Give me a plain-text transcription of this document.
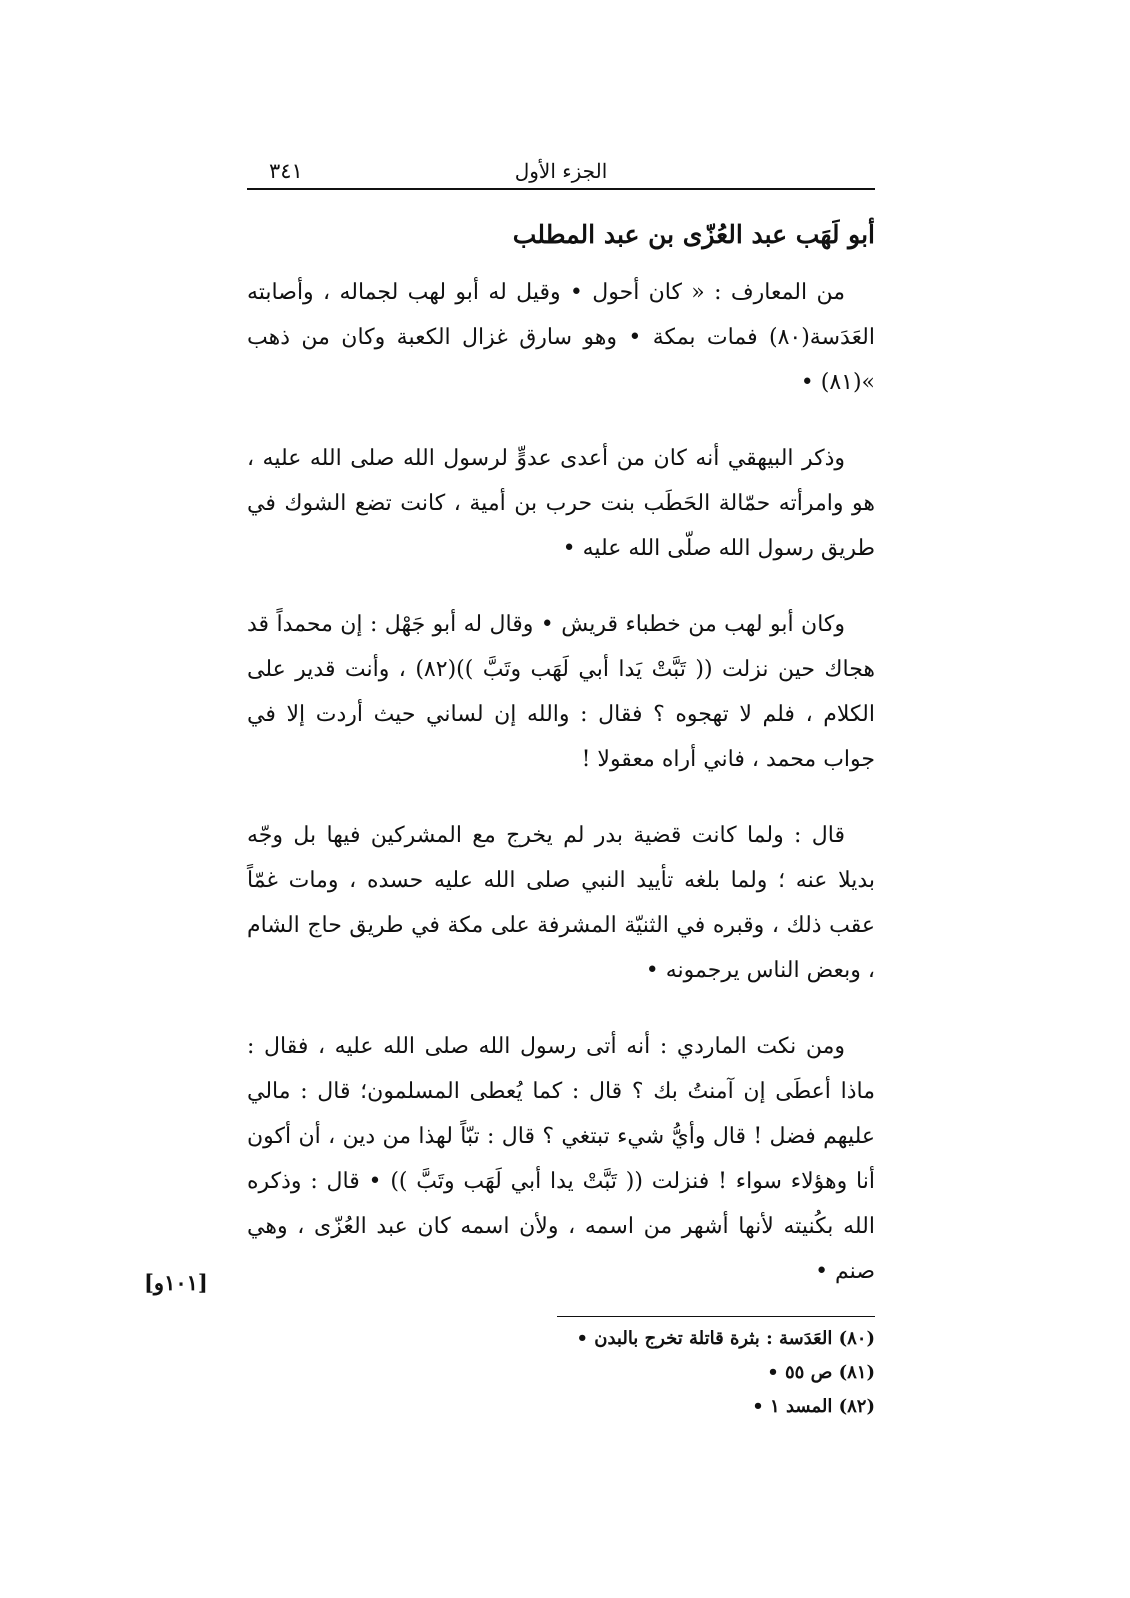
٣٤١	الجزء الأول
أبو لَهَب عبد العُزّى بن عبد المطلب

من المعارف : « كان أحول • وقيل له أبو لهب لجماله ، وأصابته العَدَسة(٨٠) فمات بمكة • وهو سارق غزال الكعبة وكان من ذهب »(٨١) •

وذكر البيهقي أنه كان من أعدى عدوٍّ لرسول الله صلى الله عليه ، هو وامرأته حمّالة الحَطَب بنت حرب بن أمية ، كانت تضع الشوك في طريق رسول الله صلّى الله عليه •

وكان أبو لهب من خطباء قريش • وقال له أبو جَهْل : إن محمداً قد هجاك حين نزلت (( تَبَّتْ يَدا أبي لَهَب وتَبَّ ))(٨٢) ، وأنت قدير على الكلام ، فلم لا تهجوه ؟ فقال : والله إن لساني حيث أردت إلا في جواب محمد ، فاني أراه معقولا !

قال : ولما كانت قضية بدر لم يخرج مع المشركين فيها بل وجّه بديلا عنه ؛ ولما بلغه تأييد النبي صلى الله عليه حسده ، ومات غمّاً عقب ذلك ، وقبره في الثنيّة المشرفة على مكة في طريق حاج الشام ، وبعض الناس يرجمونه •

ومن نكت الماردي : أنه أتى رسول الله صلى الله عليه ، فقال : ماذا أعطَى إن آمنتُ بك ؟ قال : كما يُعطى المسلمون؛ قال : مالي عليهم فضل ! قال وأيُّ شيء تبتغي ؟ قال : تبّاً لهذا من دين ، أن أكون أنا وهؤلاء سواء ! فنزلت (( تَبَّتْ يدا أبي لَهَب وتَبَّ )) • قال : وذكره الله بكُنيته لأنها أشهر من اسمه ، ولأن اسمه كان عبد العُزّى ، وهي صنم •

[١٠١و]

(٨٠) العَدَسة : بثرة قاتلة تخرج بالبدن •

(٨١) ص ٥٥ •

(٨٢) المسد ١ •
